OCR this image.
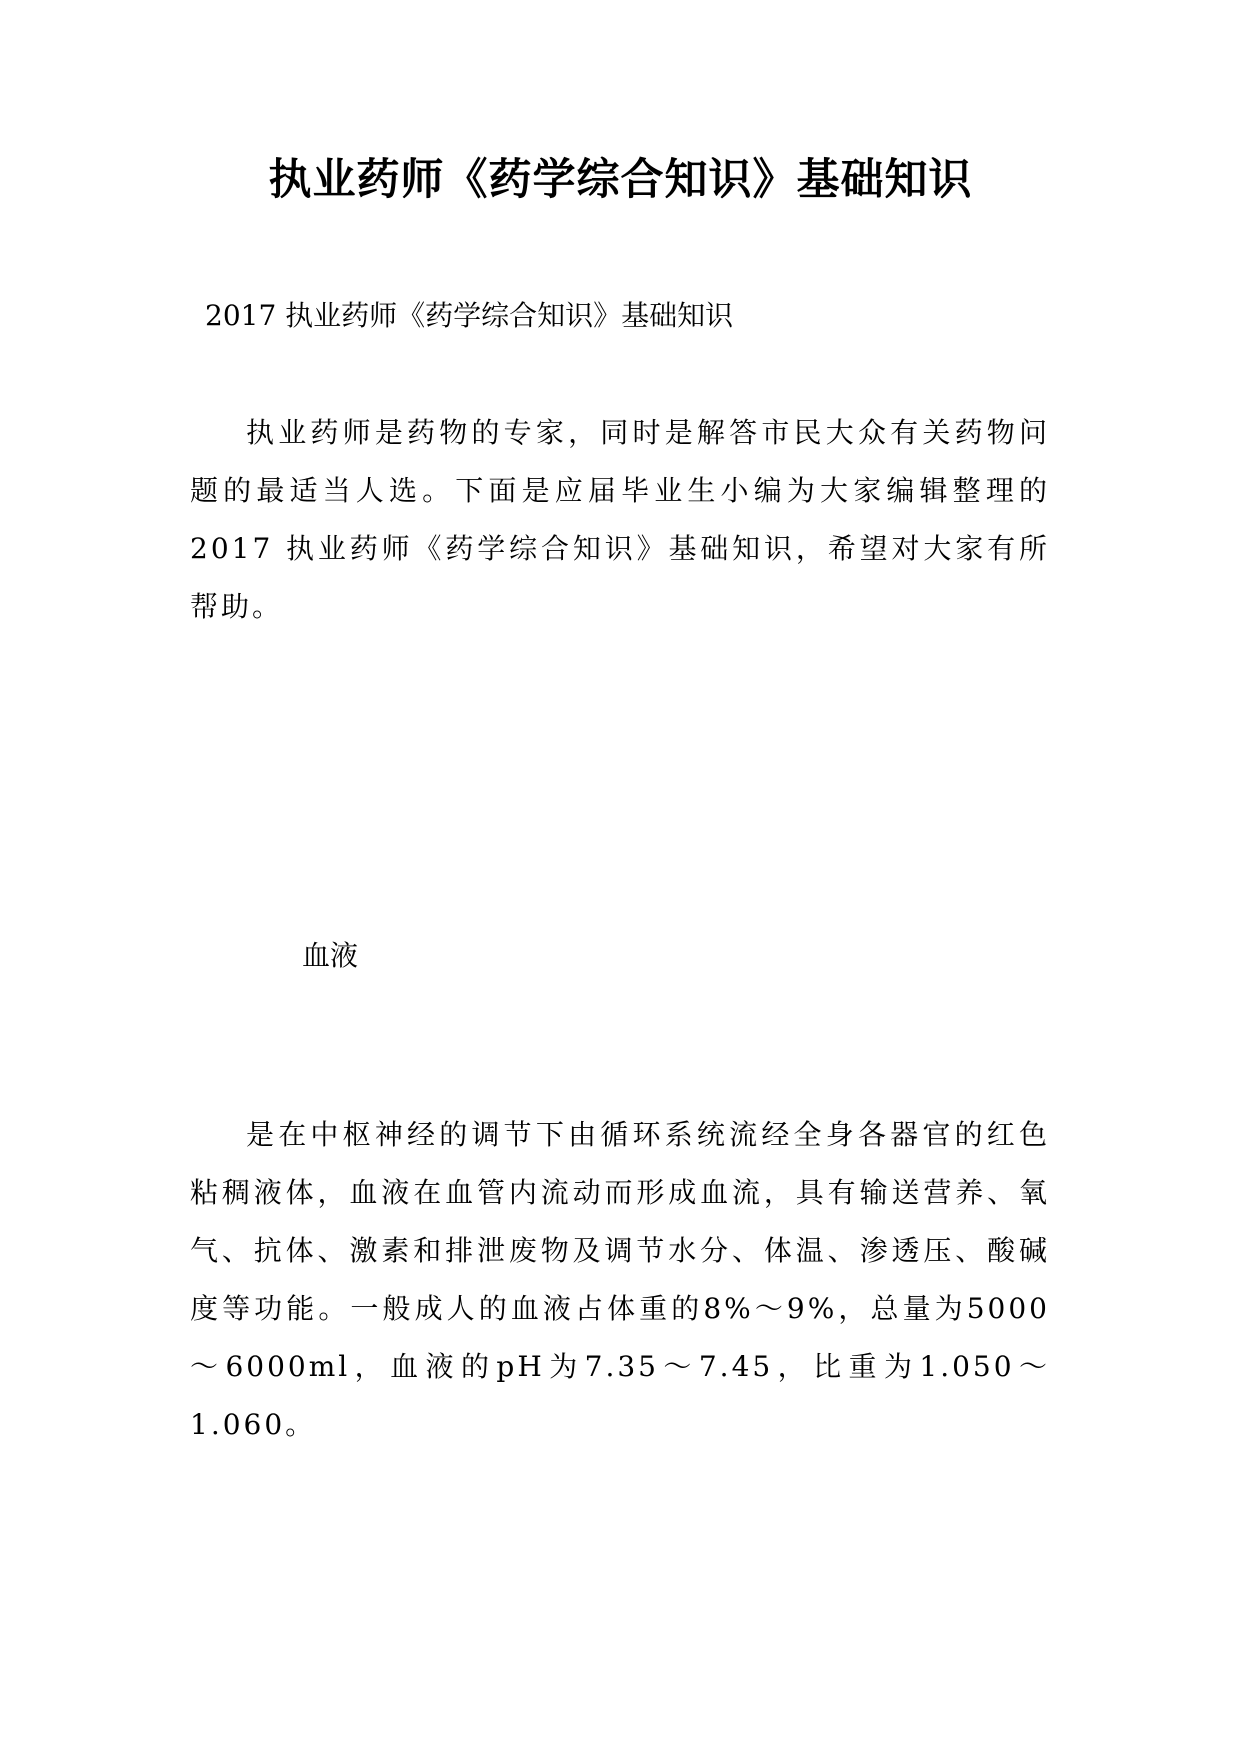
执业药师《药学综合知识》基础知识

2017 执业药师《药学综合知识》基础知识

执业药师是药物的专家，同时是解答市民大众有关药物问题的最适当人选。下面是应届毕业生小编为大家编辑整理的 2017 执业药师《药学综合知识》基础知识，希望对大家有所帮助。

血液

是在中枢神经的调节下由循环系统流经全身各器官的红色粘稠液体，血液在血管内流动而形成血流，具有输送营养、氧气、抗体、激素和排泄废物及调节水分、体温、渗透压、酸碱度等功能。一般成人的血液占体重的8%～9%，总量为5000～6000ml，血液的pH为7.35～7.45，比重为1.050～1.060。
